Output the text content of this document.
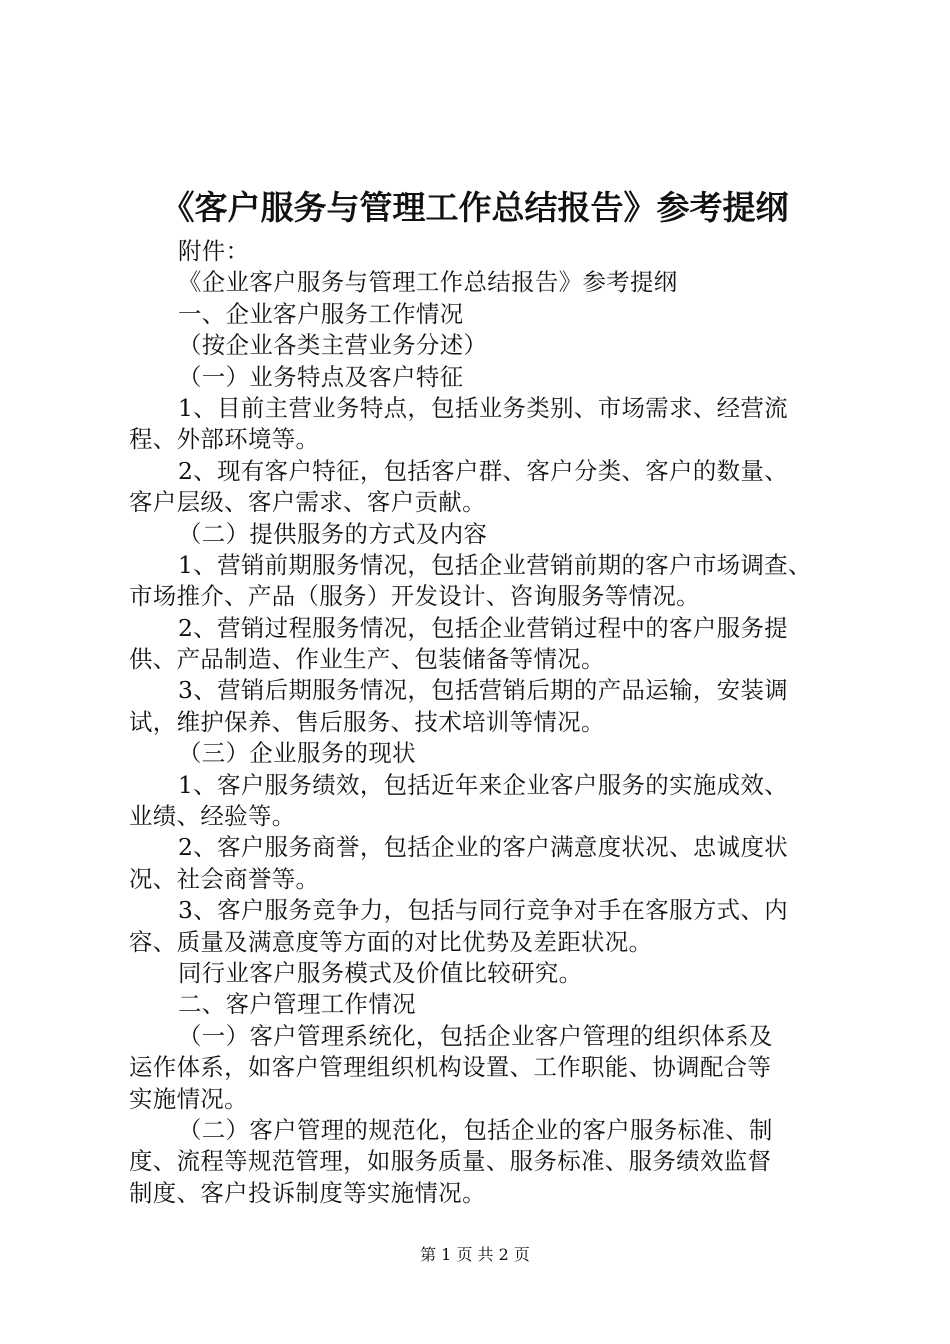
《客户服务与管理工作总结报告》参考提纲
附件：
《企业客户服务与管理工作总结报告》参考提纲
一、企业客户服务工作情况
（按企业各类主营业务分述）
（一）业务特点及客户特征
1、目前主营业务特点，包括业务类别、市场需求、经营流
程、外部环境等。
2、现有客户特征，包括客户群、客户分类、客户的数量、
客户层级、客户需求、客户贡献。
（二）提供服务的方式及内容
1、营销前期服务情况，包括企业营销前期的客户市场调查、
市场推介、产品（服务）开发设计、咨询服务等情况。
2、营销过程服务情况，包括企业营销过程中的客户服务提
供、产品制造、作业生产、包装储备等情况。
3、营销后期服务情况，包括营销后期的产品运输，安装调
试，维护保养、售后服务、技术培训等情况。
（三）企业服务的现状
1、客户服务绩效，包括近年来企业客户服务的实施成效、
业绩、经验等。
2、客户服务商誉，包括企业的客户满意度状况、忠诚度状
况、社会商誉等。
3、客户服务竞争力，包括与同行竞争对手在客服方式、内
容、质量及满意度等方面的对比优势及差距状况。
同行业客户服务模式及价值比较研究。
二、客户管理工作情况
（一）客户管理系统化，包括企业客户管理的组织体系及
运作体系，如客户管理组织机构设置、工作职能、协调配合等
实施情况。
（二）客户管理的规范化，包括企业的客户服务标准、制
度、流程等规范管理，如服务质量、服务标准、服务绩效监督
制度、客户投诉制度等实施情况。
第 1 页 共 2 页
